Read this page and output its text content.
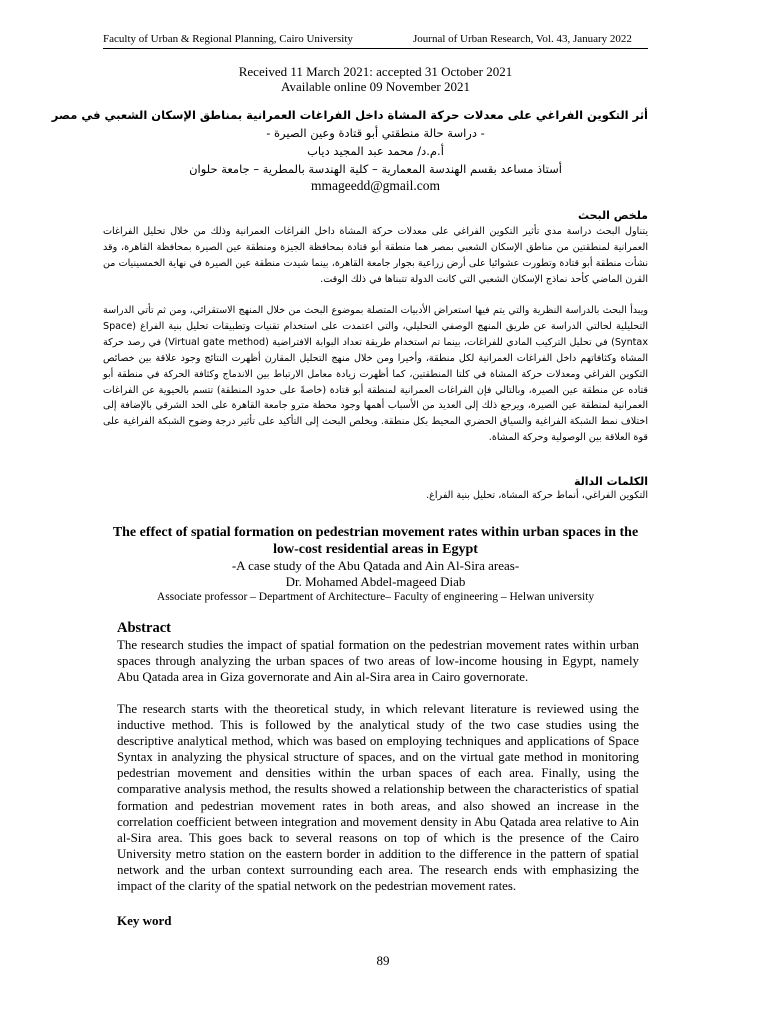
Faculty of Urban & Regional Planning, Cairo University	Journal of Urban Research, Vol. 43, January 2022
Received 11 March 2021: accepted 31 October 2021
Available online 09 November 2021
أثر التكوين الفراغي على معدلات حركة المشاة داخل الفراغات العمرانية بمناطق الإسكان الشعبي في مصر
- دراسة حالة منطقتي أبو قتادة وعين الصيرة -
أ.م.د/ محمد عبد المجيد دياب
أستاذ مساعد بقسم الهندسة المعمارية – كلية الهندسة بالمطرية – جامعة حلوان
mmageedd@gmail.com
ملخص البحث
يتناول البحث دراسة مدي تأثير التكوين الفراغي على معدلات حركة المشاة داخل الفراغات العمرانية وذلك من خلال تحليل الفراغات العمرانية لمنطقتين من مناطق الإسكان الشعبي بمصر هما منطقة أبو قتادة بمحافظة الجيزة ومنطقة عين الصيرة بمحافظة القاهرة، وقد نشأت منطقة أبو قتادة وتطورت عشوائيا على أرض زراعية بجوار جامعة القاهرة، بينما شيدت منطقة عين الصيرة في نهاية الخمسينيات من القرن الماضي كأحد نماذج الإسكان الشعبي التي كانت الدولة تتبناها في ذلك الوقت.
ويبدأ البحث بالدراسة النظرية والتي يتم فيها استعراض الأدبيات المتصلة بموضوع البحث من خلال المنهج الاستقرائي، ومن ثم تأتي الدراسة التحليلية لحالتي الدراسة عن طريق المنهج الوصفي التحليلي، والتي اعتمدت على استخدام تقنيات وتطبيقات تحليل بنية الفراغ (Space Syntax) في تحليل التركيب المادي للفراغات، بينما تم استخدام طريقة تعداد البوابة الافتراضية (Virtual gate method) في رصد حركة المشاة وكثافاتهم داخل الفراغات العمرانية لكل منطقة، وأخيرا ومن خلال منهج التحليل المقارن أظهرت النتائج وجود علاقة بين خصائص التكوين الفراغي ومعدلات حركة المشاة في كلتا المنطقتين، كما أظهرت زيادة معامل الارتباط بين الاندماج وكثافة الحركة في منطقة أبو قتاده عن منطقة عين الصيرة، وبالتالي فإن الفراغات العمرانية لمنطقة أبو قتادة (خاصةً على حدود المنطقة) تتسم بالحيوية عن الفراغات العمرانية لمنطقة عين الصيرة، ويرجع ذلك إلى العديد من الأسباب أهمها وجود محطة مترو جامعة القاهرة على الحد الشرقي بالإضافة إلى اختلاف نمط الشبكة الفراغية والسياق الحضري المحيط بكل منطقة. ويخلص البحث إلى التأكيد على تأثير درجة وضوح الشبكة الفراغية على قوة العلاقة بين الوصولية وحركة المشاة.
الكلمات الدالة
التكوين الفراغي، أنماط حركة المشاة، تحليل بنية الفراغ.
The effect of spatial formation on pedestrian movement rates within urban spaces in the low-cost residential areas in Egypt
-A case study of the Abu Qatada and Ain Al-Sira areas-
Dr. Mohamed Abdel-mageed Diab
Associate professor – Department of Architecture– Faculty of engineering – Helwan university
Abstract
The research studies the impact of spatial formation on the pedestrian movement rates within urban spaces through analyzing the urban spaces of two areas of low-income housing in Egypt, namely Abu Qatada area in Giza governorate and Ain al-Sira area in Cairo governorate.
The research starts with the theoretical study, in which relevant literature is reviewed using the inductive method. This is followed by the analytical study of the two case studies using the descriptive analytical method, which was based on employing techniques and applications of Space Syntax in analyzing the physical structure of spaces, and on the virtual gate method in monitoring pedestrian movement and densities within the urban spaces of each area. Finally, using the comparative analysis method, the results showed a relationship between the characteristics of spatial formation and pedestrian movement rates in both areas, and also showed an increase in the correlation coefficient between integration and movement density in Abu Qatada area relative to Ain al-Sira area. This goes back to several reasons on top of which is the presence of the Cairo University metro station on the eastern border in addition to the difference in the pattern of spatial network and the urban context surrounding each area. The research ends with emphasizing the impact of the clarity of the spatial network on the pedestrian movement rates.
Key word
89
